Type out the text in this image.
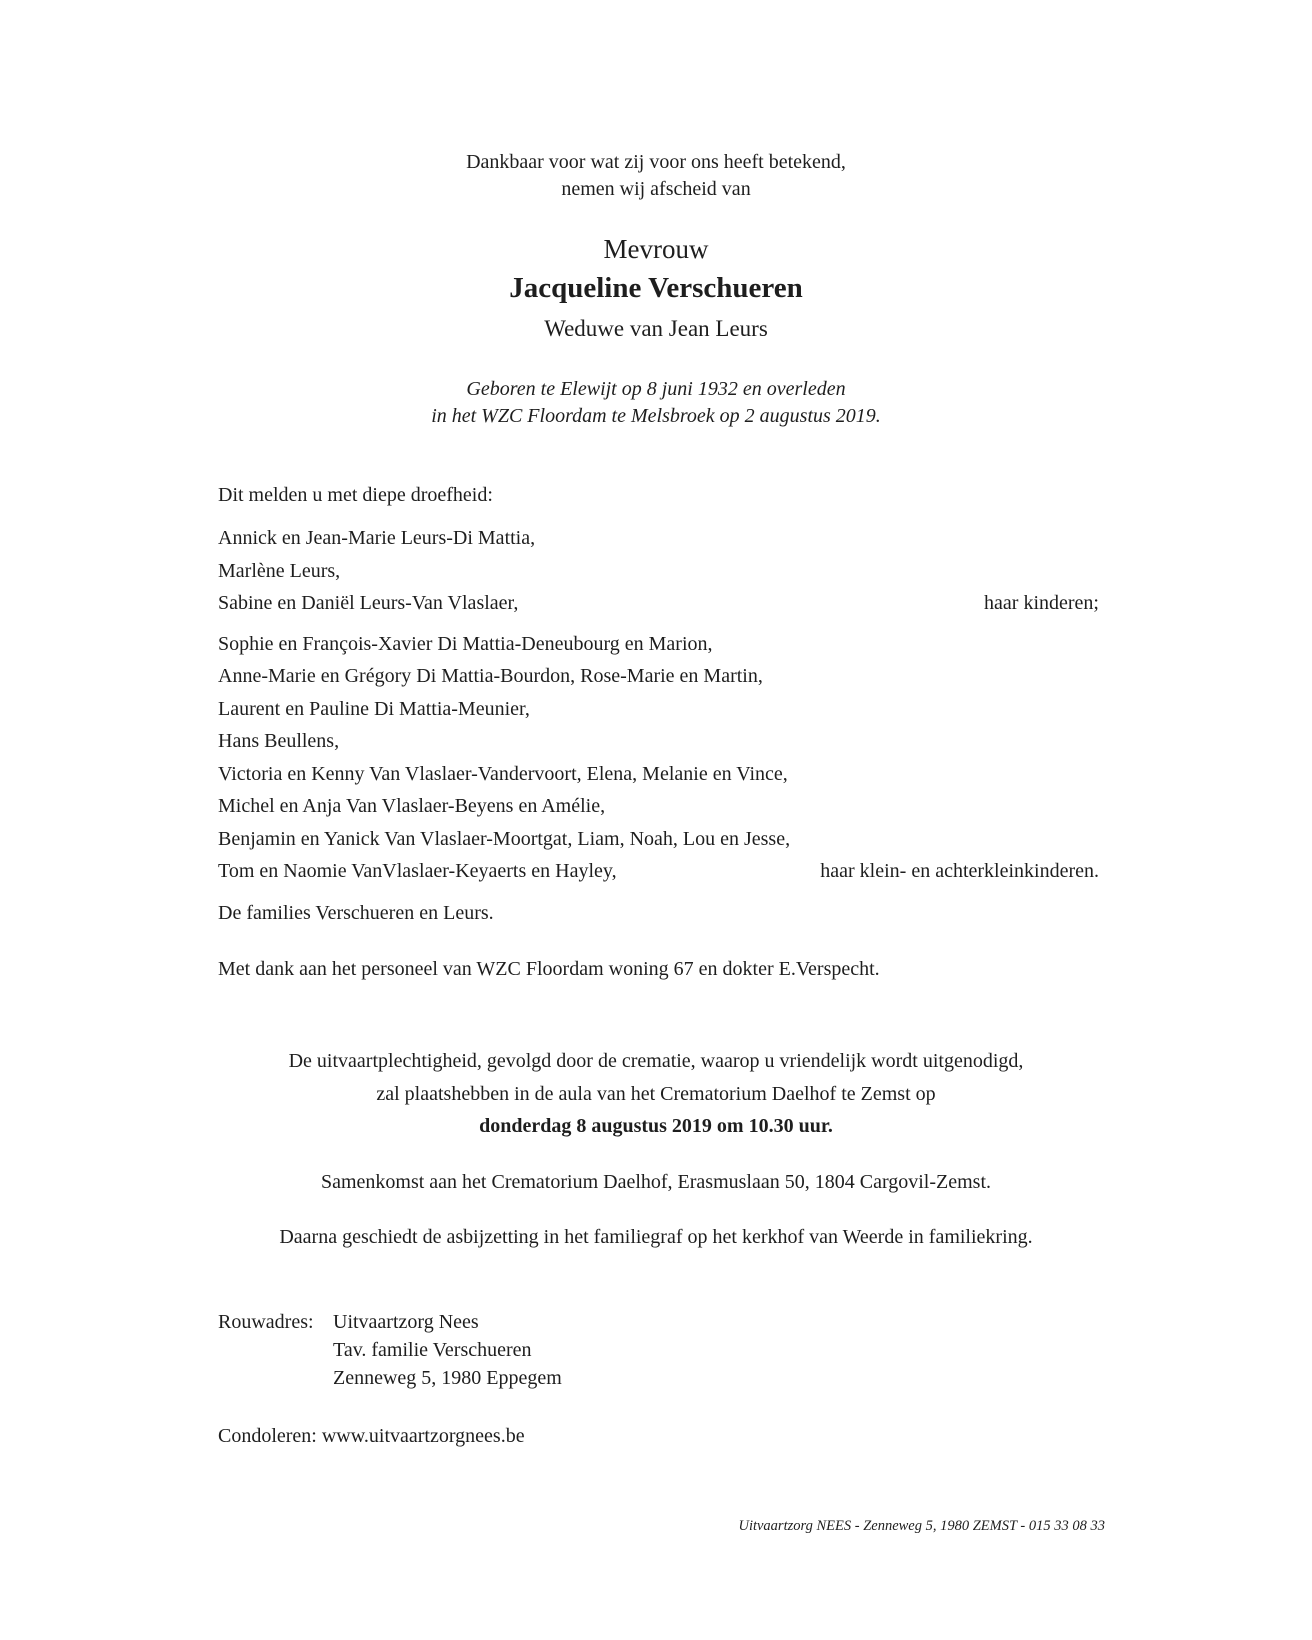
Dankbaar voor wat zij voor ons heeft betekend,
nemen wij afscheid van
Mevrouw
Jacqueline Verschueren
Weduwe van Jean Leurs
Geboren te Elewijt op 8 juni 1932 en overleden
in het WZC Floordam te Melsbroek op 2 augustus 2019.
Dit melden u met diepe droefheid:
Annick en Jean-Marie Leurs-Di Mattia,
Marlène Leurs,
Sabine en Daniël Leurs-Van Vlaslaer,	haar kinderen;
Sophie en François-Xavier Di Mattia-Deneubourg en Marion,
Anne-Marie en Grégory Di Mattia-Bourdon, Rose-Marie en Martin,
Laurent en Pauline Di Mattia-Meunier,
Hans Beullens,
Victoria en Kenny Van Vlaslaer-Vandervoort, Elena, Melanie en Vince,
Michel en Anja Van Vlaslaer-Beyens en Amélie,
Benjamin en Yanick Van Vlaslaer-Moortgat, Liam, Noah, Lou en Jesse,
Tom en Naomie VanVlaslaer-Keyaerts en Hayley,	haar klein- en achterkleinkinderen.
De families Verschueren en Leurs.
Met dank aan het personeel van WZC Floordam woning 67 en dokter E.Verspecht.
De uitvaartplechtigheid, gevolgd door de crematie, waarop u vriendelijk wordt uitgenodigd,
zal plaatshebben in de aula van het Crematorium Daelhof te Zemst op
donderdag 8 augustus 2019 om 10.30 uur.
Samenkomst aan het Crematorium Daelhof, Erasmuslaan 50, 1804 Cargovil-Zemst.
Daarna geschiedt de asbijzetting in het familiegraf op het kerkhof van Weerde in familiekring.
Rouwadres: Uitvaartzorg Nees
Tav. familie Verschueren
Zenneweg 5, 1980 Eppegem
Condoleren: www.uitvaartzorgnees.be
Uitvaartzorg NEES - Zenneweg 5, 1980 ZEMST - 015 33 08 33
